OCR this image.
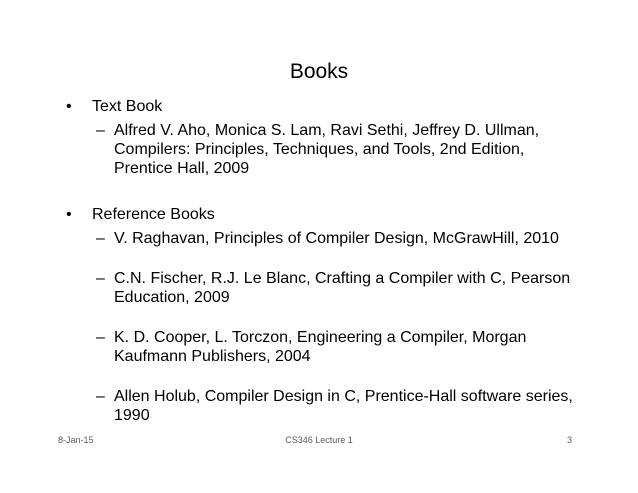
Books
• Text Book
– Alfred V. Aho, Monica S. Lam, Ravi Sethi, Jeffrey D. Ullman,
Compilers: Principles, Techniques, and Tools, 2nd Edition,
Prentice Hall, 2009
• Reference Books
– V. Raghavan, Principles of Compiler Design, McGrawHill, 2010
– C.N. Fischer, R.J. Le Blanc, Crafting a Compiler with C, Pearson
Education, 2009
– K. D. Cooper, L. Torczon, Engineering a Compiler, Morgan
Kaufmann Publishers, 2004
– Allen Holub, Compiler Design in C, Prentice-Hall software series,
1990
8-Jan-15	CS346 Lecture 1	3
